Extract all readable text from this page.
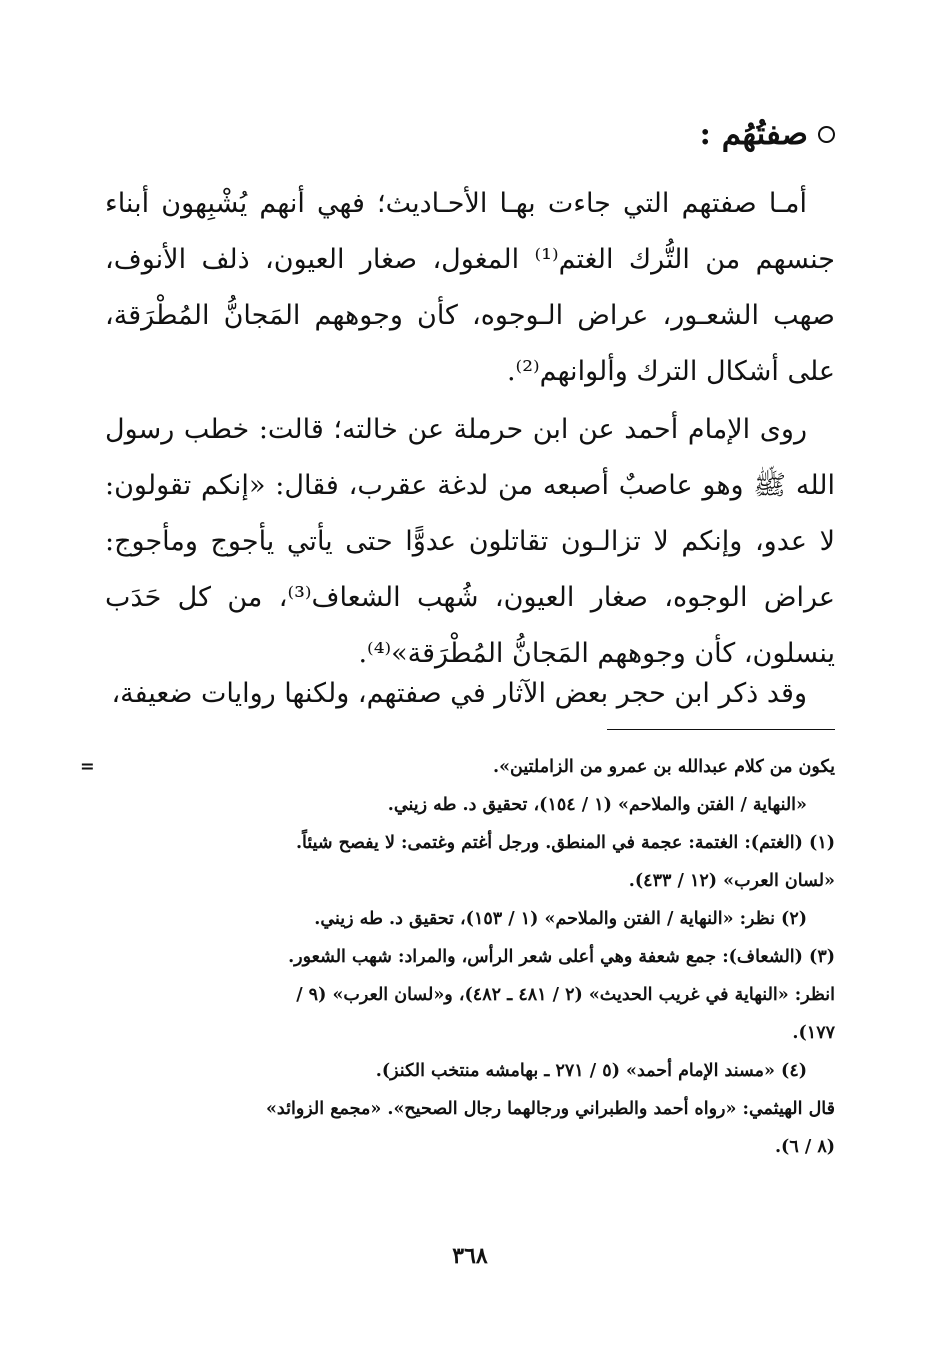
صفتُهُم :

أمـا صفتهم التي جاءت بهـا الأحـاديث؛ فهي أنهم يُشْبِهون أبناء جنسهم من التُّرك الغتم⁽¹⁾ المغول، صغار العيون، ذلف الأنوف، صهب الشعـور، عراض الـوجوه، كأن وجوههم المَجانُّ المُطْرَقة، على أشكال الترك وألوانهم⁽²⁾.

روى الإمام أحمد عن ابن حرملة عن خالته؛ قالت: خطب رسول الله ﷺ وهو عاصبٌ أصبعه من لدغة عقرب، فقال: «إنكم تقولون: لا عدو، وإنكم لا تزالـون تقاتلون عدوًّا حتى يأتي يأجوج ومأجوج: عراض الوجوه، صغار العيون، شُهب الشعاف⁽³⁾، من كل حَدَب ينسلون، كأن وجوههم المَجانُّ المُطْرَقة»⁽⁴⁾.

وقد ذكر ابن حجر بعض الآثار في صفتهم، ولكنها روايات ضعيفة،

=	يكون من كلام عبدالله بن عمرو من الزاملتين».
«النهاية / الفتن والملاحم» (١ / ١٥٤)، تحقيق د. طه زيني.
(١) (الغتم): الغتمة: عجمة في المنطق. ورجل أغتم وغتمى: لا يفصح شيئاً.
«لسان العرب» (١٢ / ٤٣٣).
(٢) نظر: «النهاية / الفتن والملاحم» (١ / ١٥٣)، تحقيق د. طه زيني.
(٣) (الشعاف): جمع شعفة وهي أعلى شعر الرأس، والمراد: شهب الشعور.
انظر: «النهاية في غريب الحديث» (٢ / ٤٨١ ـ ٤٨٢)، و«لسان العرب» (٩ /
١٧٧).
(٤) «مسند الإمام أحمد» (٥ / ٢٧١ ـ بهامشه منتخب الكنز).
قال الهيثمي: «رواه أحمد والطبراني ورجالهما رجال الصحيح». «مجمع الزوائد»
(٨ / ٦).
٣٦٨
